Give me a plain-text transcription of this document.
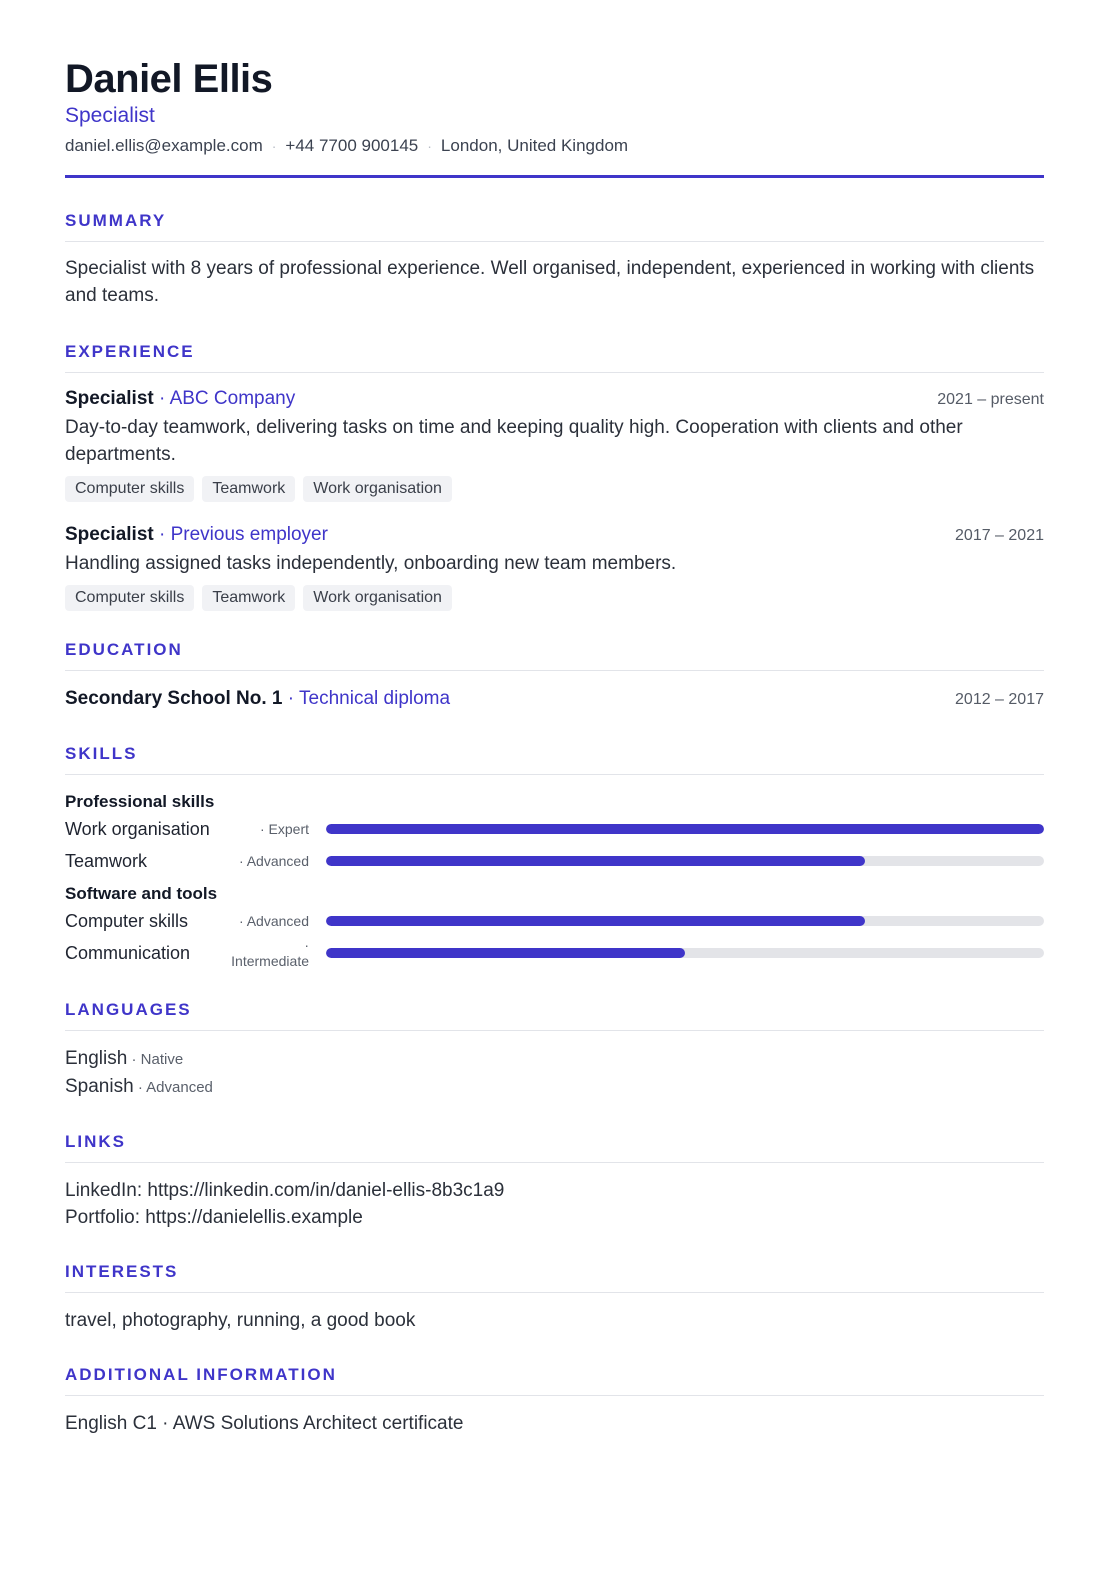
Daniel Ellis
Specialist
daniel.ellis@example.com · +44 7700 900145 · London, United Kingdom
SUMMARY
Specialist with 8 years of professional experience. Well organised, independent, experienced in working with clients and teams.
EXPERIENCE
Specialist · ABC Company	2021 – present
Day-to-day teamwork, delivering tasks on time and keeping quality high. Cooperation with clients and other departments.
Computer skills	Teamwork	Work organisation
Specialist · Previous employer	2017 – 2021
Handling assigned tasks independently, onboarding new team members.
Computer skills	Teamwork	Work organisation
EDUCATION
Secondary School No. 1 · Technical diploma	2012 – 2017
SKILLS
Professional skills
Work organisation	· Expert
Teamwork	· Advanced
Software and tools
Computer skills	· Advanced
Communication	· Intermediate
LANGUAGES
English · Native
Spanish · Advanced
LINKS
LinkedIn: https://linkedin.com/in/daniel-ellis-8b3c1a9
Portfolio: https://danielellis.example
INTERESTS
travel, photography, running, a good book
ADDITIONAL INFORMATION
English C1 · AWS Solutions Architect certificate
